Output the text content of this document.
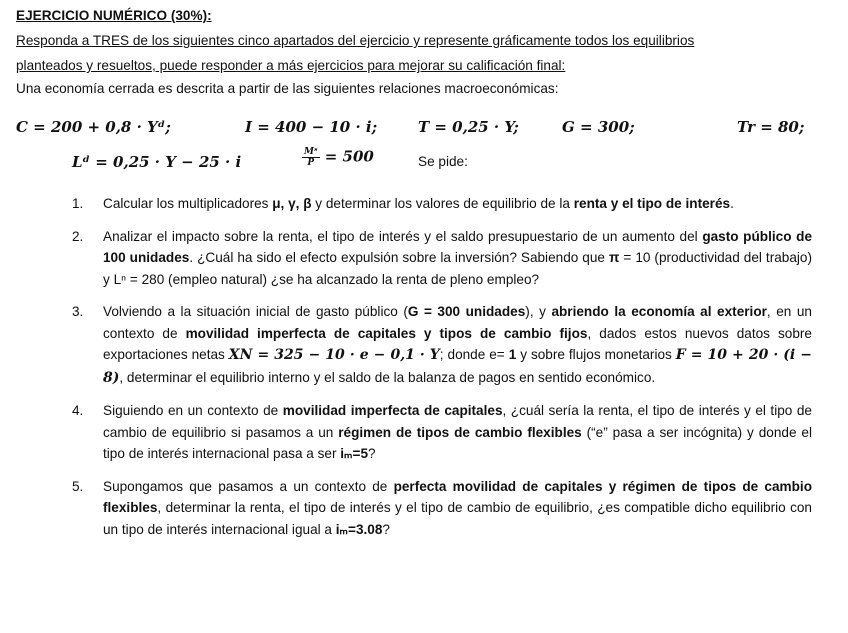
EJERCICIO NUMÉRICO (30%):
Responda a TRES de los siguientes cinco apartados del ejercicio y represente gráficamente todos los equilibrios
planteados y resueltos, puede responder a más ejercicios para mejorar su calificación final:
Una economía cerrada es descrita a partir de las siguientes relaciones macroeconómicas:
C = 200 + 0,8 · Yᵈ;	I = 400 − 10 · i;	T = 0,25 · Y;	G = 300;	Tr = 80;
Lᵈ = 0,25 · Y − 25 · i	$\frac{\text{Mˢ}}{P} = 500$	Se pide:
1. Calcular los multiplicadores μ, γ, β y determinar los valores de equilibrio de la renta y el tipo de interés.
2. Analizar el impacto sobre la renta, el tipo de interés y el saldo presupuestario de un aumento del gasto público de 100 unidades. ¿Cuál ha sido el efecto expulsión sobre la inversión? Sabiendo que π = 10 (productividad del trabajo) y Lⁿ = 280 (empleo natural) ¿se ha alcanzado la renta de pleno empleo?
3. Volviendo a la situación inicial de gasto público (G = 300 unidades), y abriendo la economía al exterior, en un contexto de movilidad imperfecta de capitales y tipos de cambio fijos, dados estos nuevos datos sobre exportaciones netas XN = 325 − 10 · e − 0,1 · Y; donde e= 1 y sobre flujos monetarios F = 10 + 20 · (i − 8), determinar el equilibrio interno y el saldo de la balanza de pagos en sentido económico.
4. Siguiendo en un contexto de movilidad imperfecta de capitales, ¿cuál sería la renta, el tipo de interés y el tipo de cambio de equilibrio si pasamos a un régimen de tipos de cambio flexibles (“e” pasa a ser incógnita) y donde el tipo de interés internacional pasa a ser iₘ=5?
5. Supongamos que pasamos a un contexto de perfecta movilidad de capitales y régimen de tipos de cambio flexibles, determinar la renta, el tipo de interés y el tipo de cambio de equilibrio, ¿es compatible dicho equilibrio con un tipo de interés internacional igual a iₘ=3.08?
